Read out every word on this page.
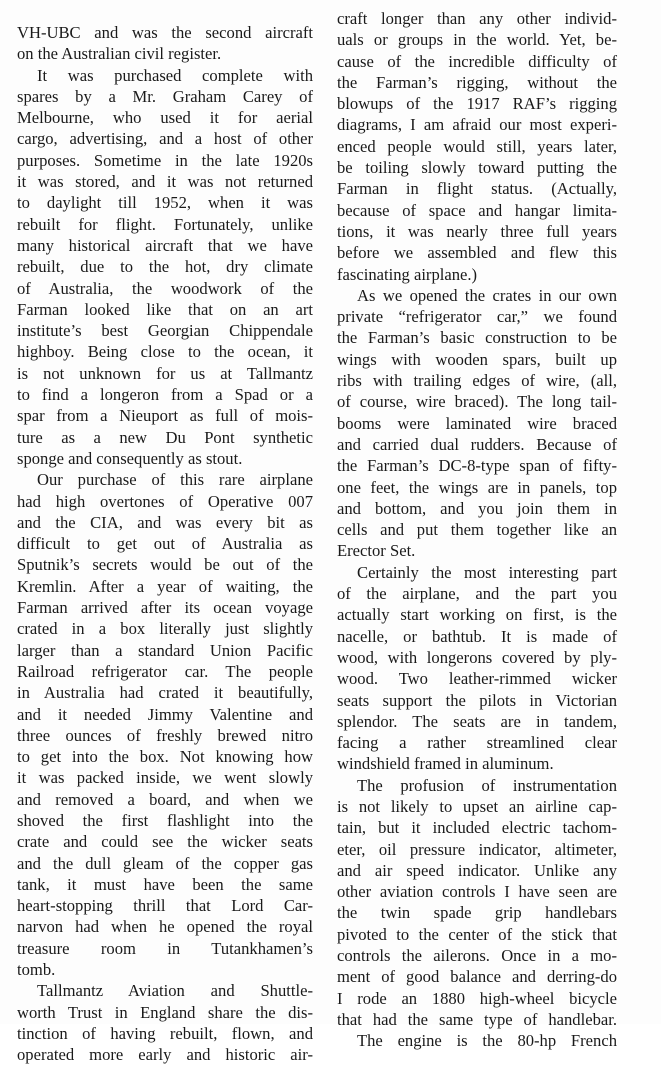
VH-UBC and was the second aircraft
on the Australian civil register.
It was purchased complete with
spares by a Mr. Graham Carey of
Melbourne, who used it for aerial
cargo, advertising, and a host of other
purposes. Sometime in the late 1920s
it was stored, and it was not returned
to daylight till 1952, when it was
rebuilt for flight. Fortunately, unlike
many historical aircraft that we have
rebuilt, due to the hot, dry climate
of Australia, the woodwork of the
Farman looked like that on an art
institute’s best Georgian Chippendale
highboy. Being close to the ocean, it
is not unknown for us at Tallmantz
to find a longeron from a Spad or a
spar from a Nieuport as full of mois-
ture as a new Du Pont synthetic
sponge and consequently as stout.
Our purchase of this rare airplane
had high overtones of Operative 007
and the CIA, and was every bit as
difficult to get out of Australia as
Sputnik’s secrets would be out of the
Kremlin. After a year of waiting, the
Farman arrived after its ocean voyage
crated in a box literally just slightly
larger than a standard Union Pacific
Railroad refrigerator car. The people
in Australia had crated it beautifully,
and it needed Jimmy Valentine and
three ounces of freshly brewed nitro
to get into the box. Not knowing how
it was packed inside, we went slowly
and removed a board, and when we
shoved the first flashlight into the
crate and could see the wicker seats
and the dull gleam of the copper gas
tank, it must have been the same
heart-stopping thrill that Lord Car-
narvon had when he opened the royal
treasure room in Tutankhamen’s
tomb.
Tallmantz Aviation and Shuttle-
worth Trust in England share the dis-
tinction of having rebuilt, flown, and
operated more early and historic air-
craft longer than any other individ-
uals or groups in the world. Yet, be-
cause of the incredible difficulty of
the Farman’s rigging, without the
blowups of the 1917 RAF’s rigging
diagrams, I am afraid our most experi-
enced people would still, years later,
be toiling slowly toward putting the
Farman in flight status. (Actually,
because of space and hangar limita-
tions, it was nearly three full years
before we assembled and flew this
fascinating airplane.)
As we opened the crates in our own
private “refrigerator car,” we found
the Farman’s basic construction to be
wings with wooden spars, built up
ribs with trailing edges of wire, (all,
of course, wire braced). The long tail-
booms were laminated wire braced
and carried dual rudders. Because of
the Farman’s DC-8-type span of fifty-
one feet, the wings are in panels, top
and bottom, and you join them in
cells and put them together like an
Erector Set.
Certainly the most interesting part
of the airplane, and the part you
actually start working on first, is the
nacelle, or bathtub. It is made of
wood, with longerons covered by ply-
wood. Two leather-rimmed wicker
seats support the pilots in Victorian
splendor. The seats are in tandem,
facing a rather streamlined clear
windshield framed in aluminum.
The profusion of instrumentation
is not likely to upset an airline cap-
tain, but it included electric tachom-
eter, oil pressure indicator, altimeter,
and air speed indicator. Unlike any
other aviation controls I have seen are
the twin spade grip handlebars
pivoted to the center of the stick that
controls the ailerons. Once in a mo-
ment of good balance and derring-do
I rode an 1880 high-wheel bicycle
that had the same type of handlebar.
The engine is the 80-hp French
